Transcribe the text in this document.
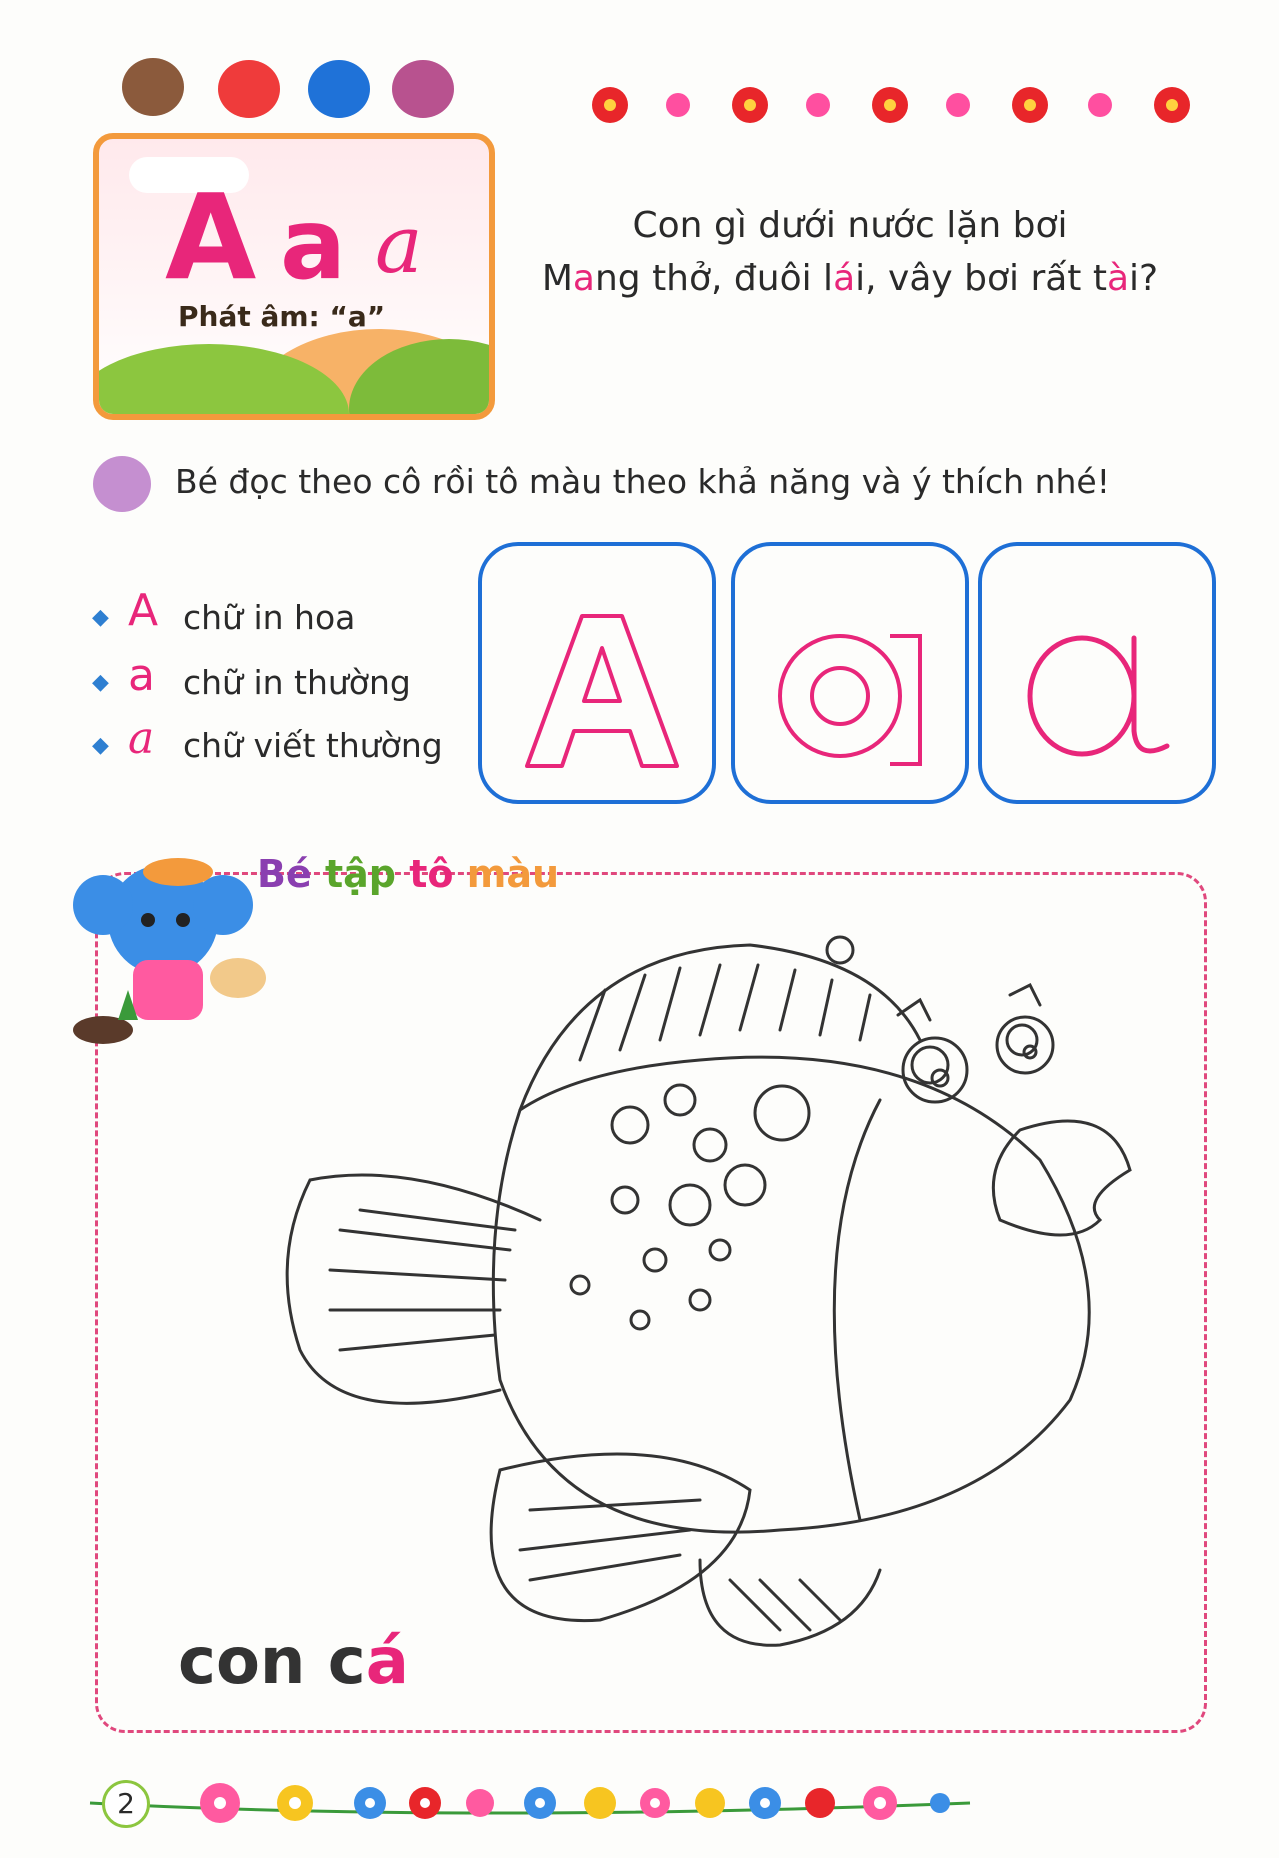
A a a
Phát âm: “a”
Con gì dưới nước lặn bơi
Mang thở, đuôi lái, vây bơi rất tài?
Bé đọc theo cô rồi tô màu theo khả năng và ý thích nhé!
◆ A chữ in hoa
◆ a chữ in thường
◆ a chữ viết thường
Bé tập tô màu
con cá
2
